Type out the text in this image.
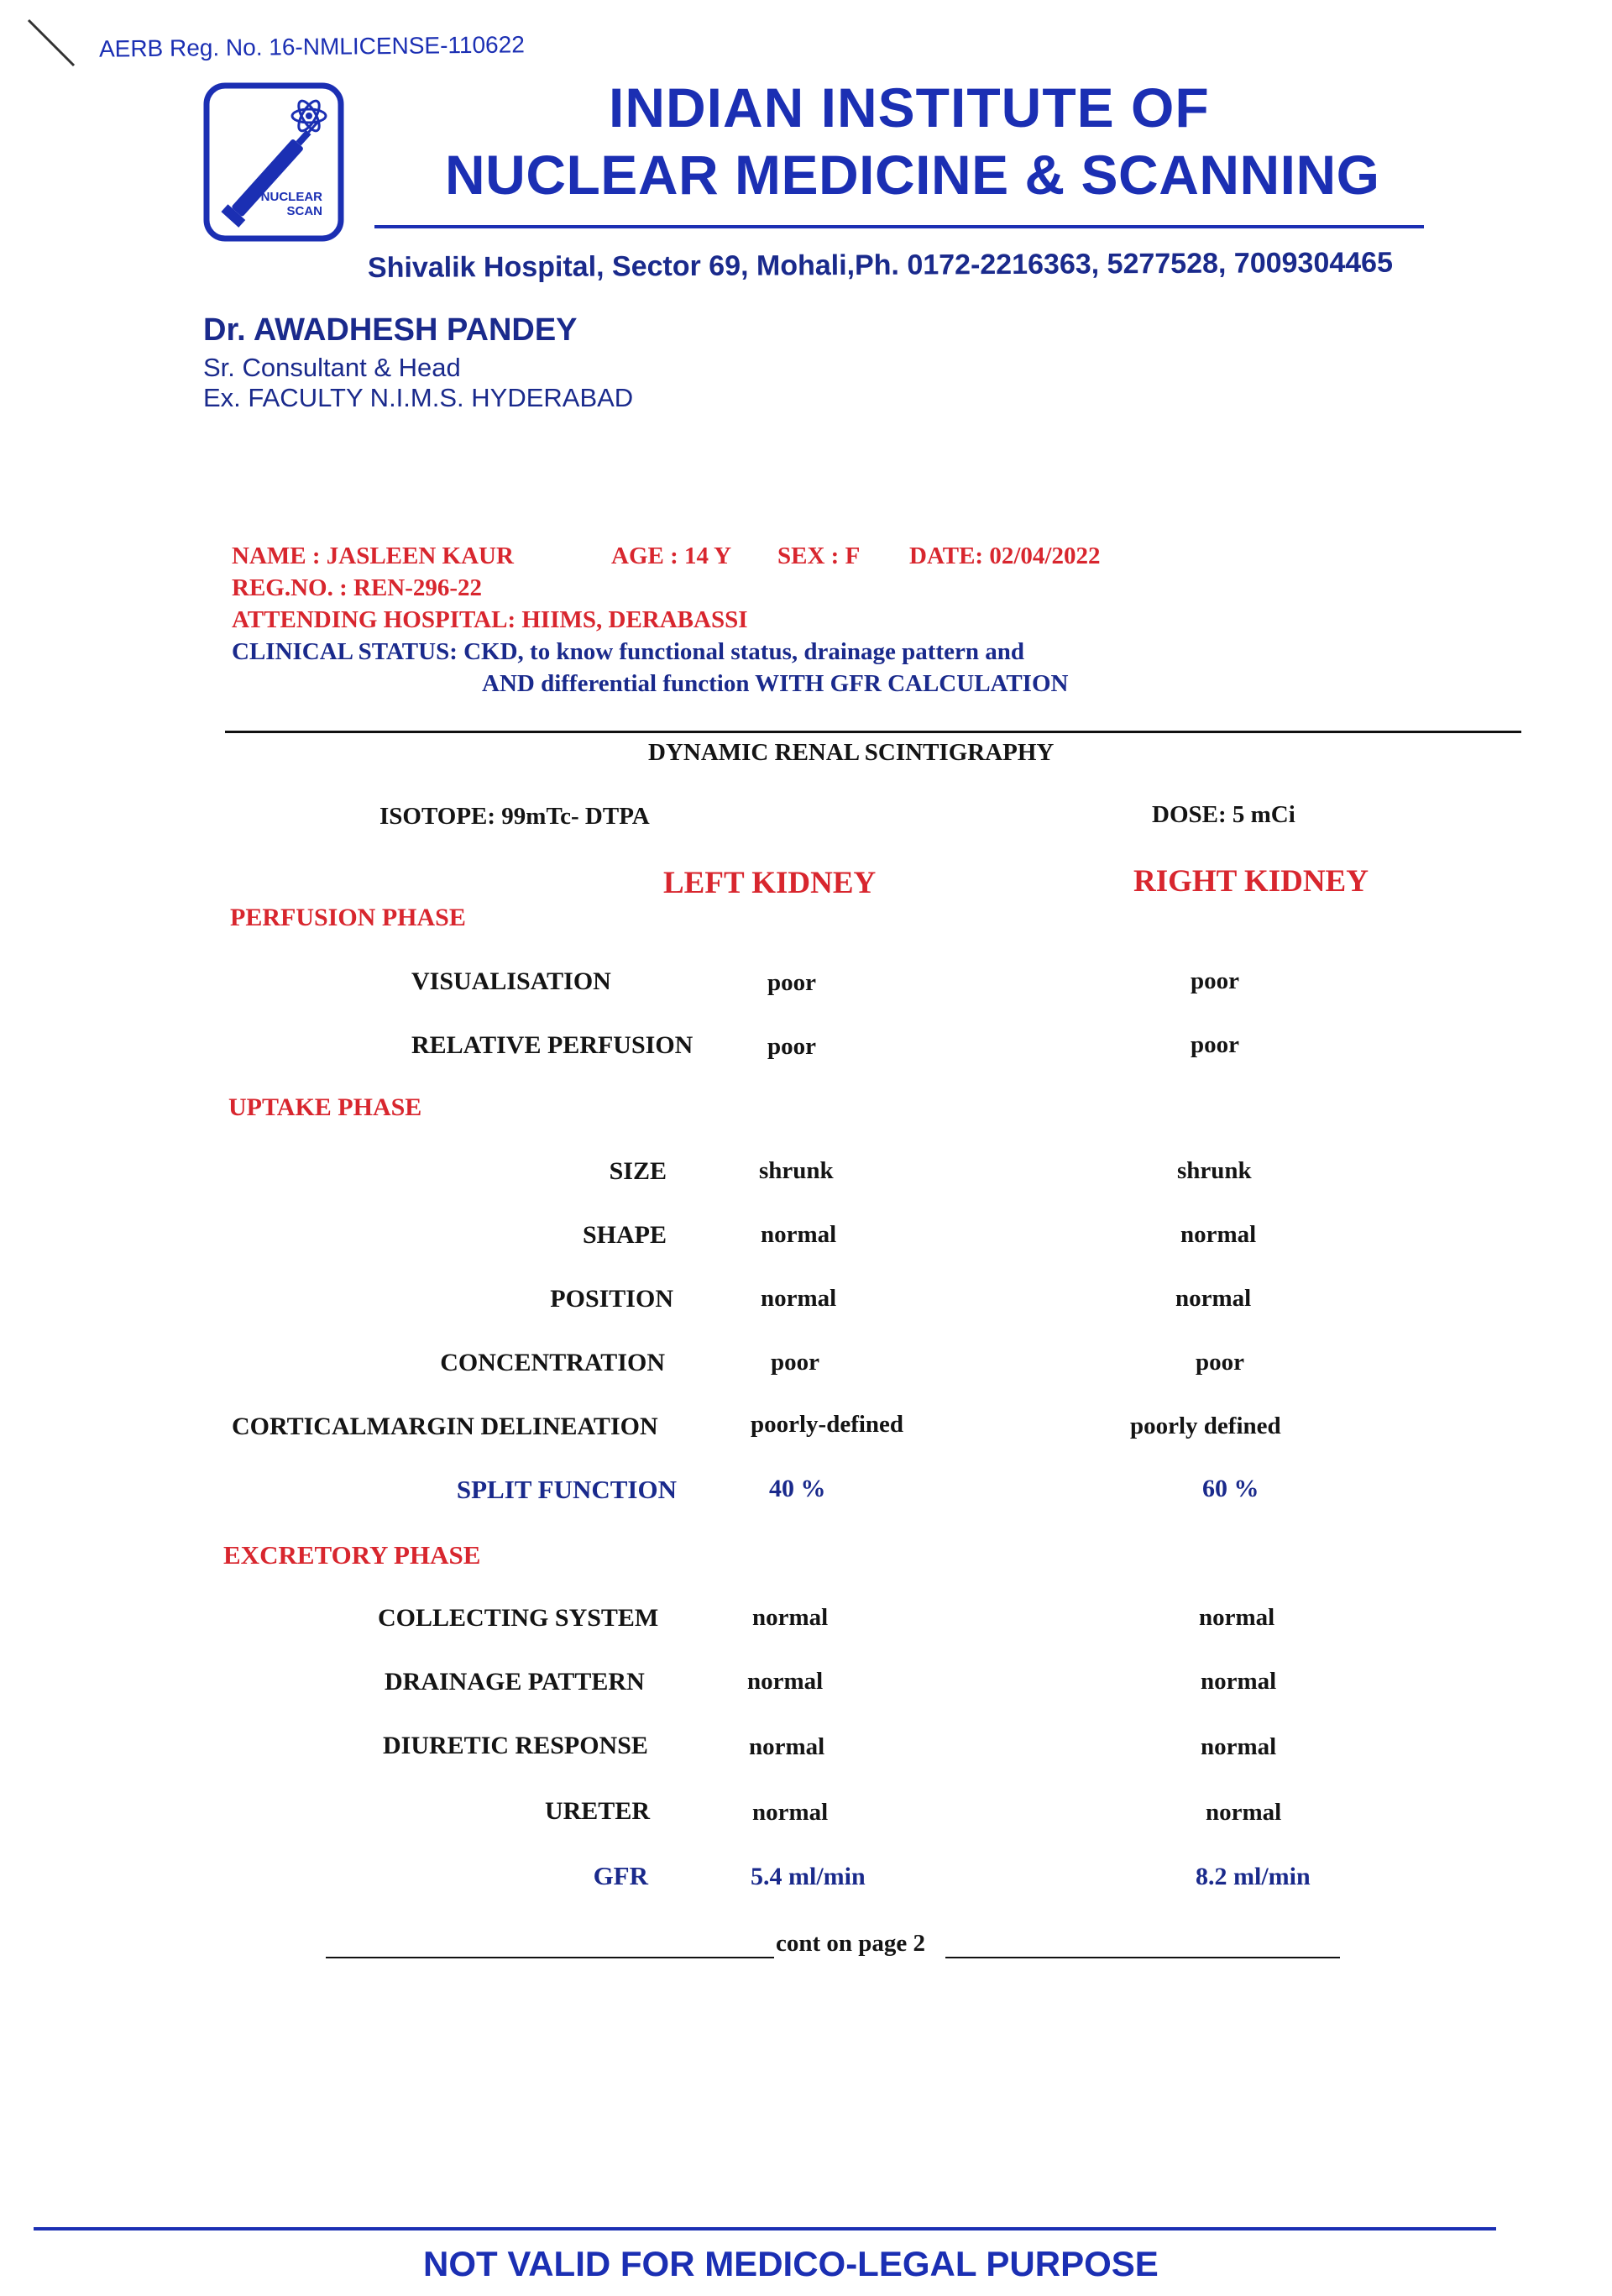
AERB Reg. No. 16-NMLICENSE-110622
NUCLEAR SCAN
INDIAN INSTITUTE OF
NUCLEAR MEDICINE & SCANNING
Shivalik Hospital, Sector 69, Mohali,Ph. 0172-2216363, 5277528, 7009304465
Dr. AWADHESH PANDEY
Sr. Consultant & Head
Ex. FACULTY N.I.M.S. HYDERABAD
NAME : JASLEEN KAUR	AGE : 14 Y SEX : F DATE: 02/04/2022
REG.NO. : REN-296-22
ATTENDING HOSPITAL: HIIMS, DERABASSI
CLINICAL STATUS: CKD, to know functional status, drainage pattern and
AND differential function WITH GFR CALCULATION
DYNAMIC RENAL SCINTIGRAPHY
ISOTOPE: 99mTc- DTPA	DOSE: 5 mCi
LEFT KIDNEY	RIGHT KIDNEY
PERFUSION PHASE
VISUALISATION	poor	poor
RELATIVE PERFUSION	poor	poor
UPTAKE PHASE
SIZE	shrunk	shrunk
SHAPE	normal	normal
POSITION	normal	normal
CONCENTRATION	poor	poor
CORTICALMARGIN DELINEATION	poorly-defined	poorly defined
SPLIT FUNCTION	40 %	60 %
EXCRETORY PHASE
COLLECTING SYSTEM	normal	normal
DRAINAGE PATTERN	normal	normal
DIURETIC RESPONSE	normal	normal
URETER	normal	normal
GFR	5.4 ml/min	8.2 ml/min
cont on page 2
NOT VALID FOR MEDICO-LEGAL PURPOSE
